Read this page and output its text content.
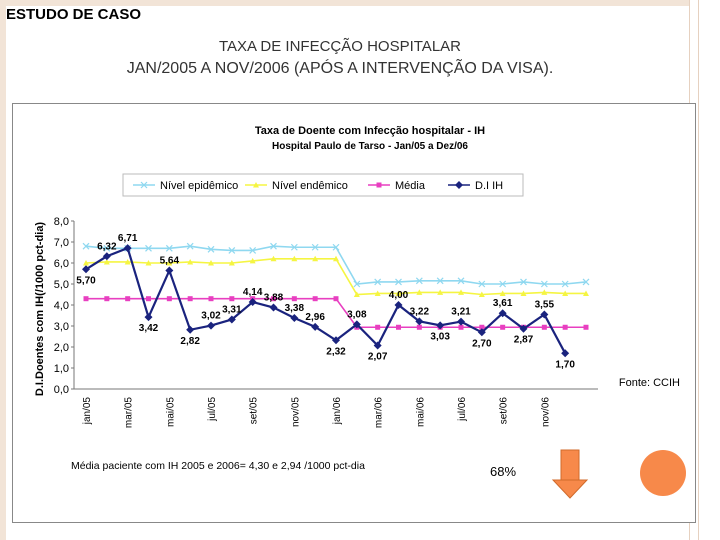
ESTUDO DE CASO
TAXA DE INFECÇÃO HOSPITALAR
JAN/2005 A NOV/2006 (APÓS A INTERVENÇÃO DA VISA).
Taxa de Doente com Infecção hospitalar - IH
Hospital Paulo de Tarso - Jan/05 a Dez/06
Nível epidêmico	Nível endêmico	Média	D.I IH
D.I.Doentes com IH(/1000 pct-dia) 0,0
1,0
2,0
3,0
4,0
5,0
6,0
7,0
8,0
5,70
6,32
6,71
3,42
5,64
2,82
3,02
3,31
4,14 3,88
3,38
2,96
2,32
3,08
2,07
4,00
3,22
3,03
3,21
2,70
3,61
2,87
3,55
1,70
jan/05	mar/05	mai/05	jul/05	set/05	nov/05	jan/06	mar/06	mai/06	jul/06	set/06	nov/06
Fonte: CCIH
Média paciente com IH 2005 e 2006= 4,30 e 2,94 /1000 pct-dia	68%
